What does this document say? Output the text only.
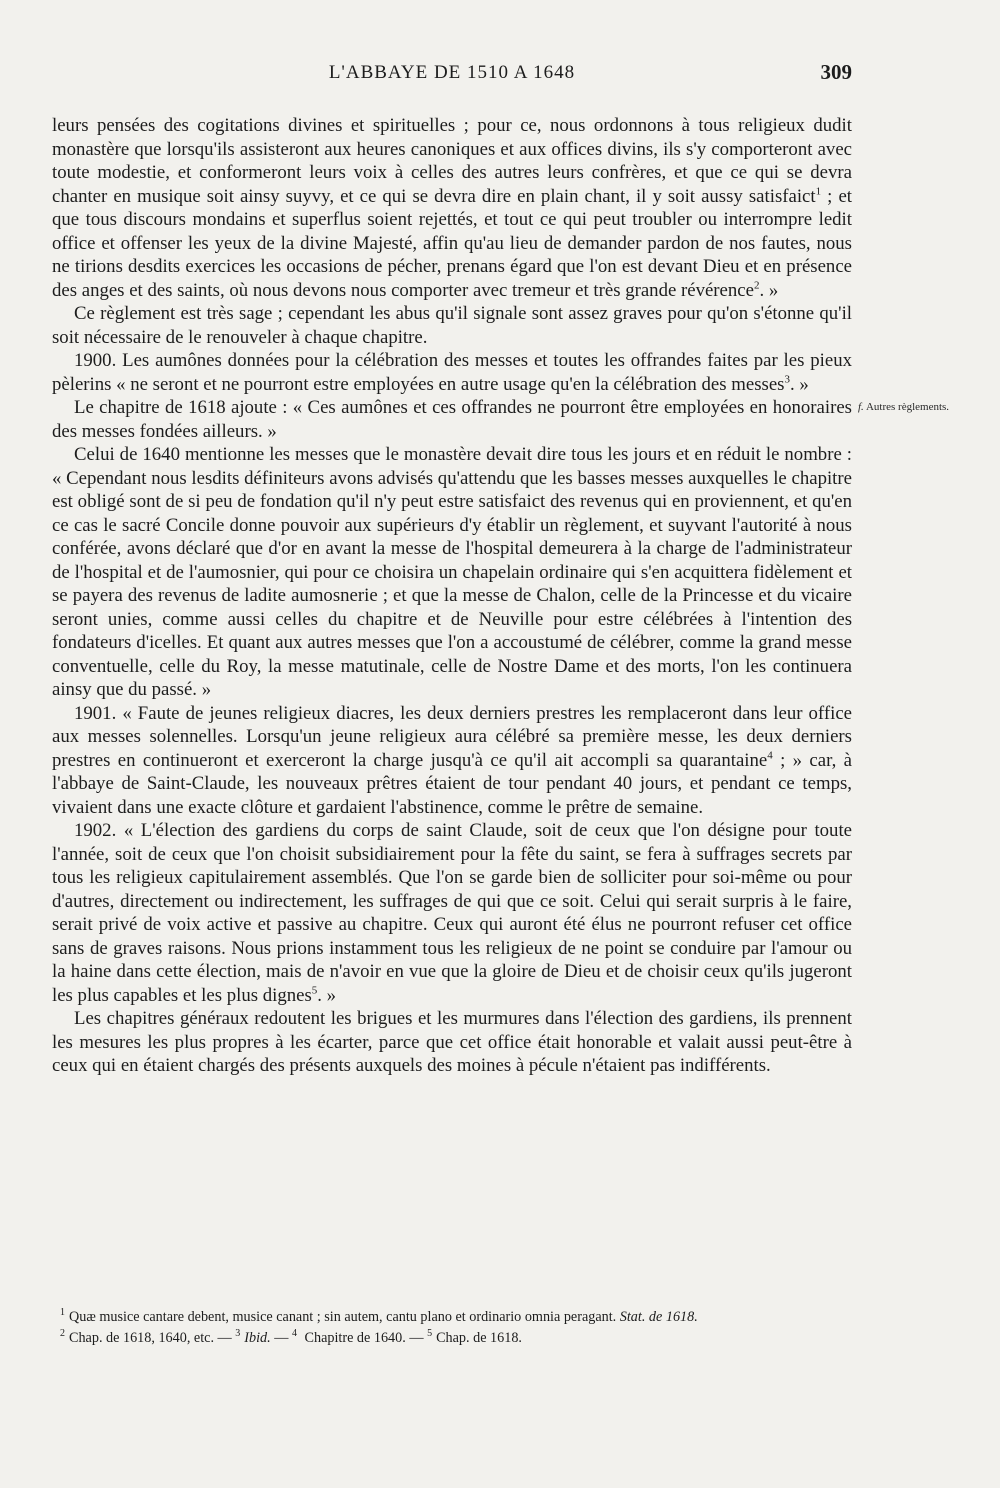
L'ABBAYE DE 1510 A 1648	309

leurs pensées des cogitations divines et spirituelles ; pour ce, nous ordonnons à tous religieux dudit monastère que lorsqu'ils assisteront aux heures canoniques et aux offices divins, ils s'y comporteront avec toute modestie, et conformeront leurs voix à celles des autres leurs confrères, et que ce qui se devra chanter en musique soit ainsy suyvy, et ce qui se devra dire en plain chant, il y soit aussy satisfaict$^1$ ; et que tous discours mondains et superflus soient rejettés, et tout ce qui peut troubler ou interrompre ledit office et offenser les yeux de la divine Majesté, affin qu'au lieu de demander pardon de nos fautes, nous ne tirions desdits exercices les occasions de pécher, prenans égard que l'on est devant Dieu et en présence des anges et des saints, où nous devons nous comporter avec tremeur et très grande révérence$^2$. »

Ce règlement est très sage ; cependant les abus qu'il signale sont assez graves pour qu'on s'étonne qu'il soit nécessaire de le renouveler à chaque chapitre.

1900. Les aumônes données pour la célébration des messes et toutes les offrandes faites par les pieux pèlerins « ne seront et ne pourront estre employées en autre usage qu'en la célébration des messes$^3$. »

Le chapitre de 1618 ajoute : « Ces aumônes et ces offrandes ne pourront être employées en honoraires des messes fondées ailleurs. »

Celui de 1640 mentionne les messes que le monastère devait dire tous les jours et en réduit le nombre : « Cependant nous lesdits définiteurs avons advisés qu'attendu que les basses messes auxquelles le chapitre est obligé sont de si peu de fondation qu'il n'y peut estre satisfaict des revenus qui en proviennent, et qu'en ce cas le sacré Concile donne pouvoir aux supérieurs d'y établir un règlement, et suyvant l'autorité à nous conférée, avons déclaré que d'or en avant la messe de l'hospital demeurera à la charge de l'administrateur de l'hospital et de l'aumosnier, qui pour ce choisira un chapelain ordinaire qui s'en acquittera fidèlement et se payera des revenus de ladite aumosnerie ; et que la messe de Chalon, celle de la Princesse et du vicaire seront unies, comme aussi celles du chapitre et de Neuville pour estre célébrées à l'intention des fondateurs d'icelles. Et quant aux autres messes que l'on a accoustumé de célébrer, comme la grand messe conventuelle, celle du Roy, la messe matutinale, celle de Nostre Dame et des morts, l'on les continuera ainsy que du passé. »

1901. « Faute de jeunes religieux diacres, les deux derniers prestres les remplaceront dans leur office aux messes solennelles. Lorsqu'un jeune religieux aura célébré sa première messe, les deux derniers prestres en continueront et exerceront la charge jusqu'à ce qu'il ait accompli sa quarantaine$^4$ ; » car, à l'abbaye de Saint-Claude, les nouveaux prêtres étaient de tour pendant 40 jours, et pendant ce temps, vivaient dans une exacte clôture et gardaient l'abstinence, comme le prêtre de semaine.

1902. « L'élection des gardiens du corps de saint Claude, soit de ceux que l'on désigne pour toute l'année, soit de ceux que l'on choisit subsidiairement pour la fête du saint, se fera à suffrages secrets par tous les religieux capitulairement assemblés. Que l'on se garde bien de solliciter pour soi-même ou pour d'autres, directement ou indirectement, les suffrages de qui que ce soit. Celui qui serait surpris à le faire, serait privé de voix active et passive au chapitre. Ceux qui auront été élus ne pourront refuser cet office sans de graves raisons. Nous prions instamment tous les religieux de ne point se conduire par l'amour ou la haine dans cette élection, mais de n'avoir en vue que la gloire de Dieu et de choisir ceux qu'ils jugeront les plus capables et les plus dignes$^5$. »

Les chapitres généraux redoutent les brigues et les murmures dans l'élection des gardiens, ils prennent les mesures les plus propres à les écarter, parce que cet office était honorable et valait aussi peut-être à ceux qui en étaient chargés des présents auxquels des moines à pécule n'étaient pas indifférents.

f. Autres règlements.

$^1$ Quæ musice cantare debent, musice canant ; sin autem, cantu plano et ordinario omnia peragant. Stat. de 1618.

$^2$ Chap. de 1618, 1640, etc. — $^3$ Ibid. — $^4$ Chapitre de 1640. — $^5$ Chap. de 1618.
